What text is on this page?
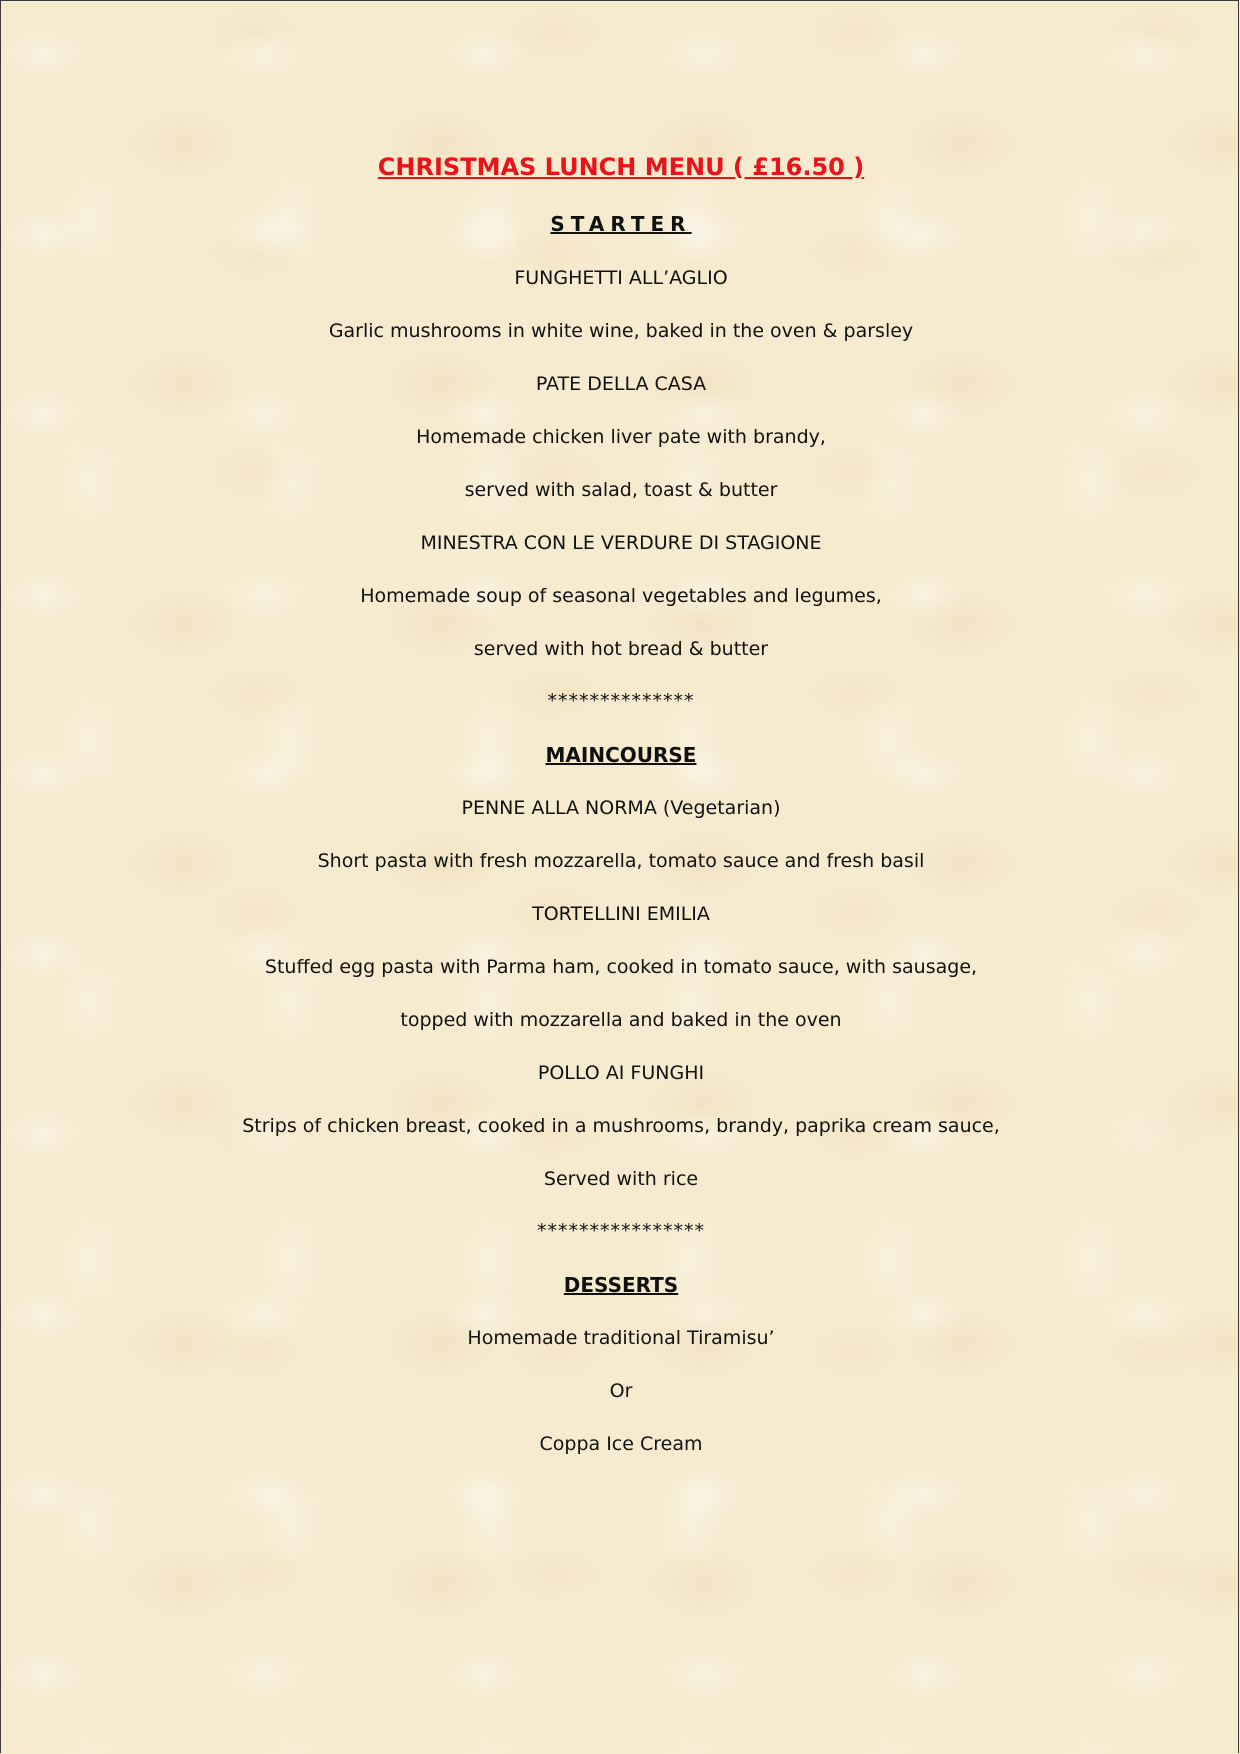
CHRISTMAS LUNCH MENU ( £16.50 )
STARTER
FUNGHETTI ALL’AGLIO
Garlic mushrooms in white wine, baked in the oven & parsley
PATE DELLA CASA
Homemade chicken liver pate with brandy,
served with salad, toast & butter
MINESTRA CON LE VERDURE DI STAGIONE
Homemade soup of seasonal vegetables and legumes,
served with hot bread & butter
**************
MAINCOURSE
PENNE ALLA NORMA (Vegetarian)
Short pasta with fresh mozzarella, tomato sauce and fresh basil
TORTELLINI EMILIA
Stuffed egg pasta with Parma ham, cooked in tomato sauce, with sausage,
topped with mozzarella and baked in the oven
POLLO AI FUNGHI
Strips of chicken breast, cooked in a mushrooms, brandy, paprika cream sauce,
Served with rice
****************
DESSERTS
Homemade traditional Tiramisu’
Or
Coppa Ice Cream
